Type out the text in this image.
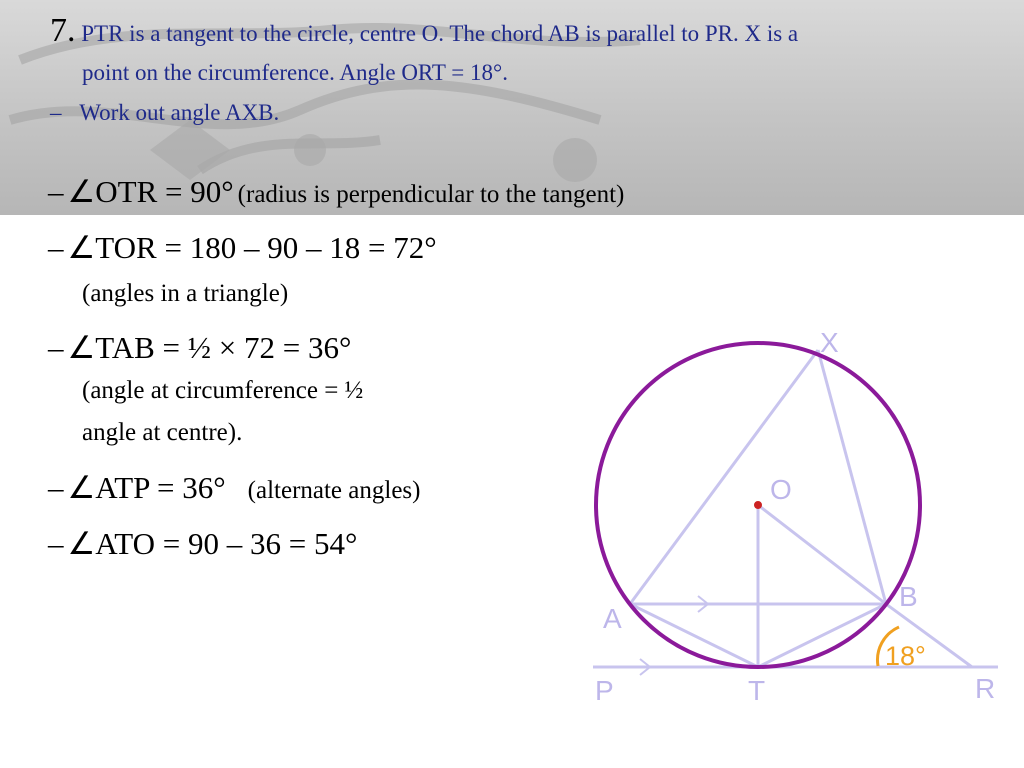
7. PTR is a tangent to the circle, centre O. The chord AB is parallel to PR. X is a
point on the circumference. Angle ORT = 18°.
– Work out angle AXB.
– ∠OTR = 90° (radius is perpendicular to the tangent)
– ∠TOR = 180 – 90 – 18 = 72°
(angles in a triangle)
– ∠TAB = ½ × 72 = 36°
(angle at circumference = ½
angle at centre).
– ∠ATP = 36° (alternate angles)
– ∠ATO = 90 – 36 = 54°
X
O
A
B
P	T	R
18°
